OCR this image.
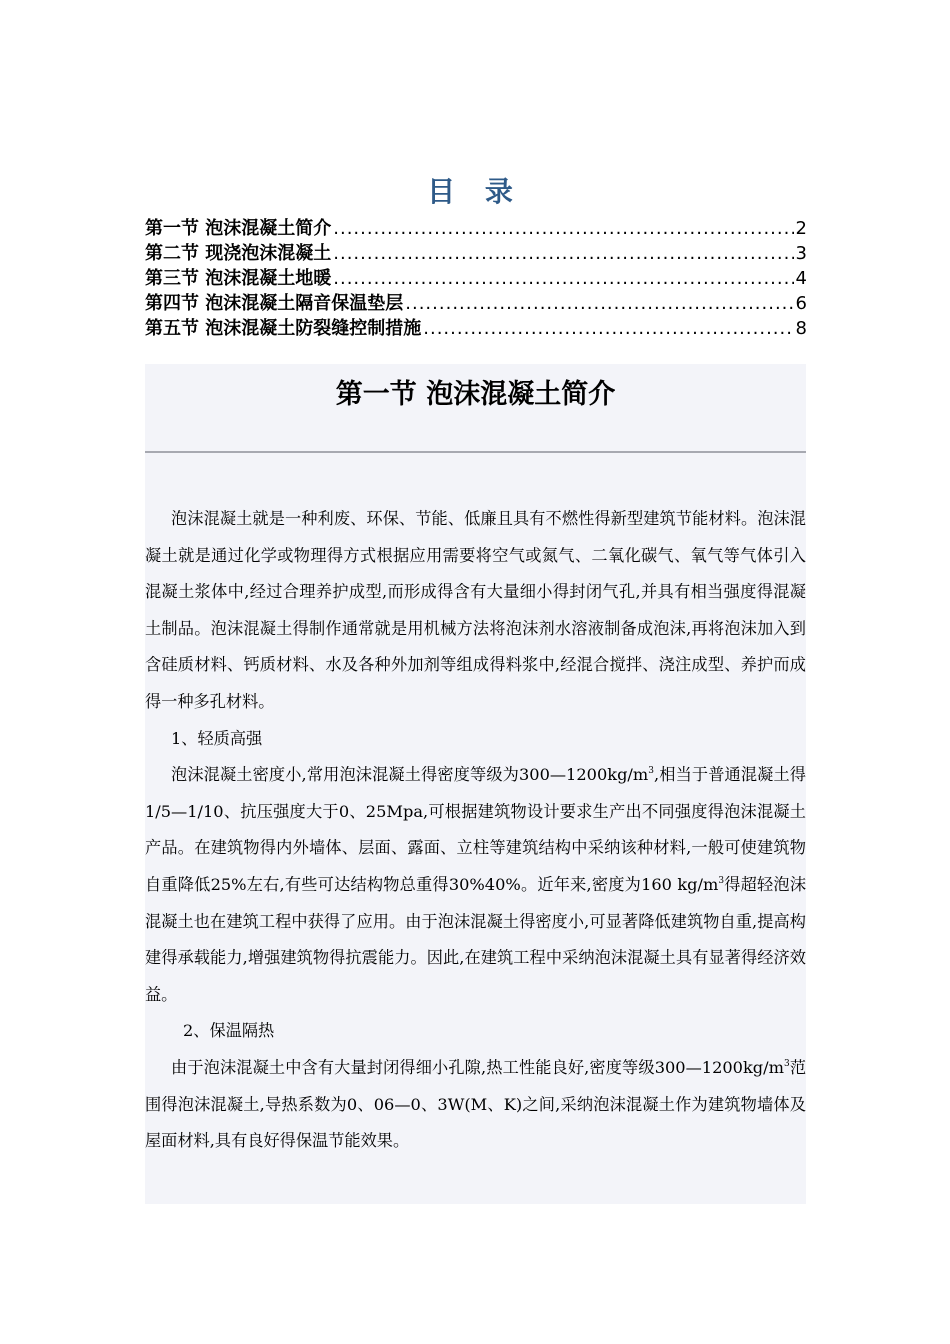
目 录
第一节 泡沫混凝土简介 .....	2
第二节 现浇泡沫混凝土 .....	3
第三节 泡沫混凝土地暖 .....	4
第四节 泡沫混凝土隔音保温垫层 .....	6
第五节 泡沫混凝土防裂缝控制措施 .....	8
第一节 泡沫混凝土简介

泡沫混凝土就是一种利废、环保、节能、低廉且具有不燃性得新型建筑节能材料。泡沫混凝土就是通过化学或物理得方式根据应用需要将空气或氮气、二氧化碳气、氧气等气体引入混凝土浆体中,经过合理养护成型,而形成得含有大量细小得封闭气孔,并具有相当强度得混凝土制品。泡沫混凝土得制作通常就是用机械方法将泡沫剂水溶液制备成泡沫,再将泡沫加入到含硅质材料、钙质材料、水及各种外加剂等组成得料浆中,经混合搅拌、浇注成型、养护而成得一种多孔材料。

1、轻质高强

泡沫混凝土密度小,常用泡沫混凝土得密度等级为$300—1200kg/m^3$,相当于普通混凝土得1/5—1/10、抗压强度大于0、25Mpa,可根据建筑物设计要求生产出不同强度得泡沫混凝土产品。在建筑物得内外墙体、层面、露面、立柱等建筑结构中采纳该种材料,一般可使建筑物自重降低25%左右,有些可达结构物总重得30%40%。近年来,密度为160 $kg/m^3$得超轻泡沫混凝土也在建筑工程中获得了应用。由于泡沫混凝土得密度小,可显著降低建筑物自重,提高构建得承载能力,增强建筑物得抗震能力。因此,在建筑工程中采纳泡沫混凝土具有显著得经济效益。

2、保温隔热

由于泡沫混凝土中含有大量封闭得细小孔隙,热工性能良好,密度等级$300—1200kg/m^3$范围得泡沫混凝土,导热系数为0、06—0、3W(M、K)之间,采纳泡沫混凝土作为建筑物墙体及屋面材料,具有良好得保温节能效果。
